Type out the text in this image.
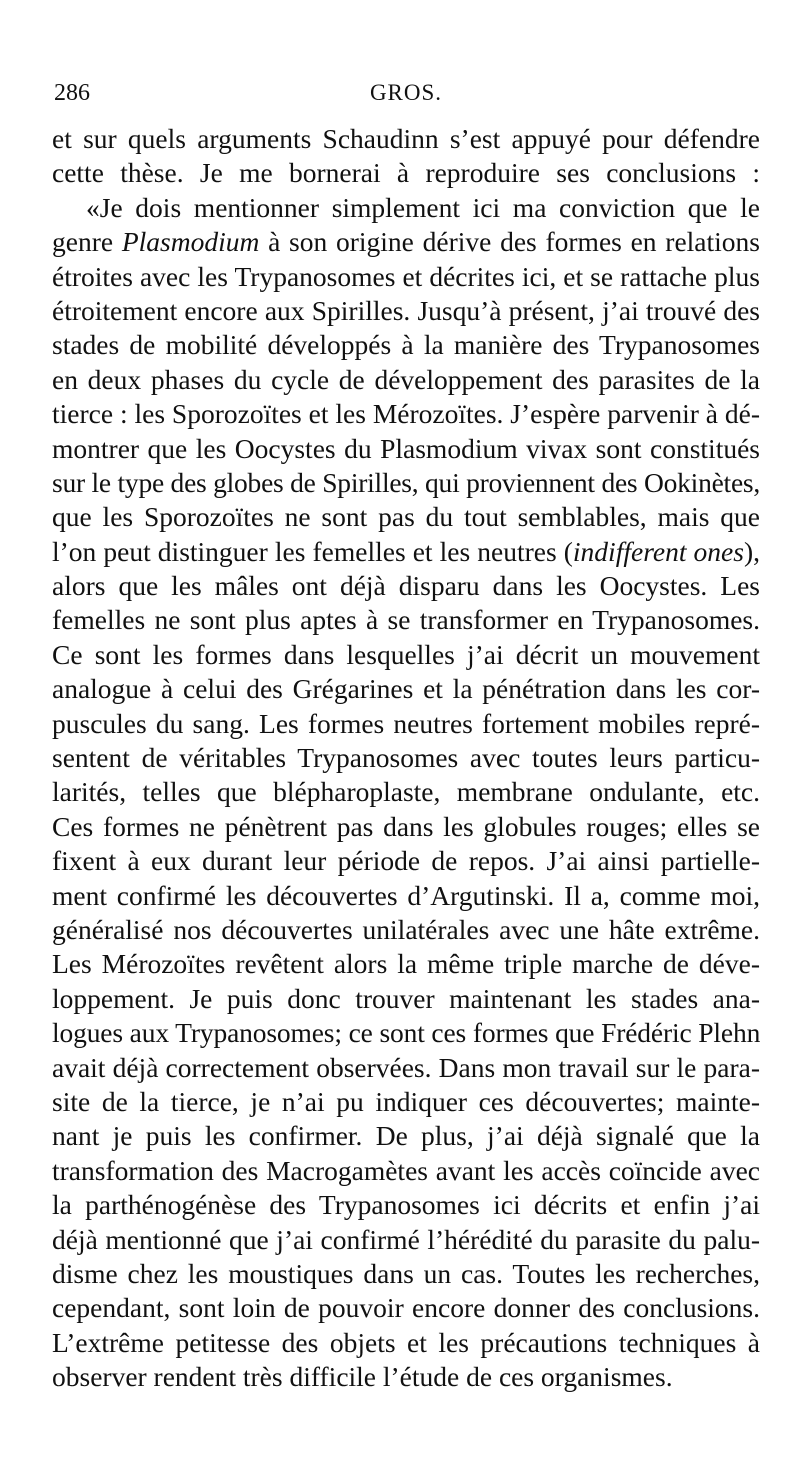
286	GROS.
et sur quels arguments Schaudinn s’est appuyé pour défendre
cette thèse. Je me bornerai à reproduire ses conclusions :
«Je dois mentionner simplement ici ma conviction que le
genre Plasmodium à son origine dérive des formes en relations
étroites avec les Trypanosomes et décrites ici, et se rattache plus
étroitement encore aux Spirilles. Jusqu’à présent, j’ai trouvé des
stades de mobilité développés à la manière des Trypanosomes
en deux phases du cycle de développement des parasites de la
tierce : les Sporozoïtes et les Mérozoïtes. J’espère parvenir à dé-
montrer que les Oocystes du Plasmodium vivax sont constitués
sur le type des globes de Spirilles, qui proviennent des Ookinètes,
que les Sporozoïtes ne sont pas du tout semblables, mais que
l’on peut distinguer les femelles et les neutres (indifferent ones),
alors que les mâles ont déjà disparu dans les Oocystes. Les
femelles ne sont plus aptes à se transformer en Trypanosomes.
Ce sont les formes dans lesquelles j’ai décrit un mouvement
analogue à celui des Grégarines et la pénétration dans les cor-
puscules du sang. Les formes neutres fortement mobiles repré-
sentent de véritables Trypanosomes avec toutes leurs particu-
larités, telles que blépharoplaste, membrane ondulante, etc.
Ces formes ne pénètrent pas dans les globules rouges; elles se
fixent à eux durant leur période de repos. J’ai ainsi partielle-
ment confirmé les découvertes d’Argutinski. Il a, comme moi,
généralisé nos découvertes unilatérales avec une hâte extrême.
Les Mérozoïtes revêtent alors la même triple marche de déve-
loppement. Je puis donc trouver maintenant les stades ana-
logues aux Trypanosomes; ce sont ces formes que Frédéric Plehn
avait déjà correctement observées. Dans mon travail sur le para-
site de la tierce, je n’ai pu indiquer ces découvertes; mainte-
nant je puis les confirmer. De plus, j’ai déjà signalé que la
transformation des Macrogamètes avant les accès coïncide avec
la parthénogénèse des Trypanosomes ici décrits et enfin j’ai
déjà mentionné que j’ai confirmé l’hérédité du parasite du palu-
disme chez les moustiques dans un cas. Toutes les recherches,
cependant, sont loin de pouvoir encore donner des conclusions.
L’extrême petitesse des objets et les précautions techniques à
observer rendent très difficile l’étude de ces organismes.
